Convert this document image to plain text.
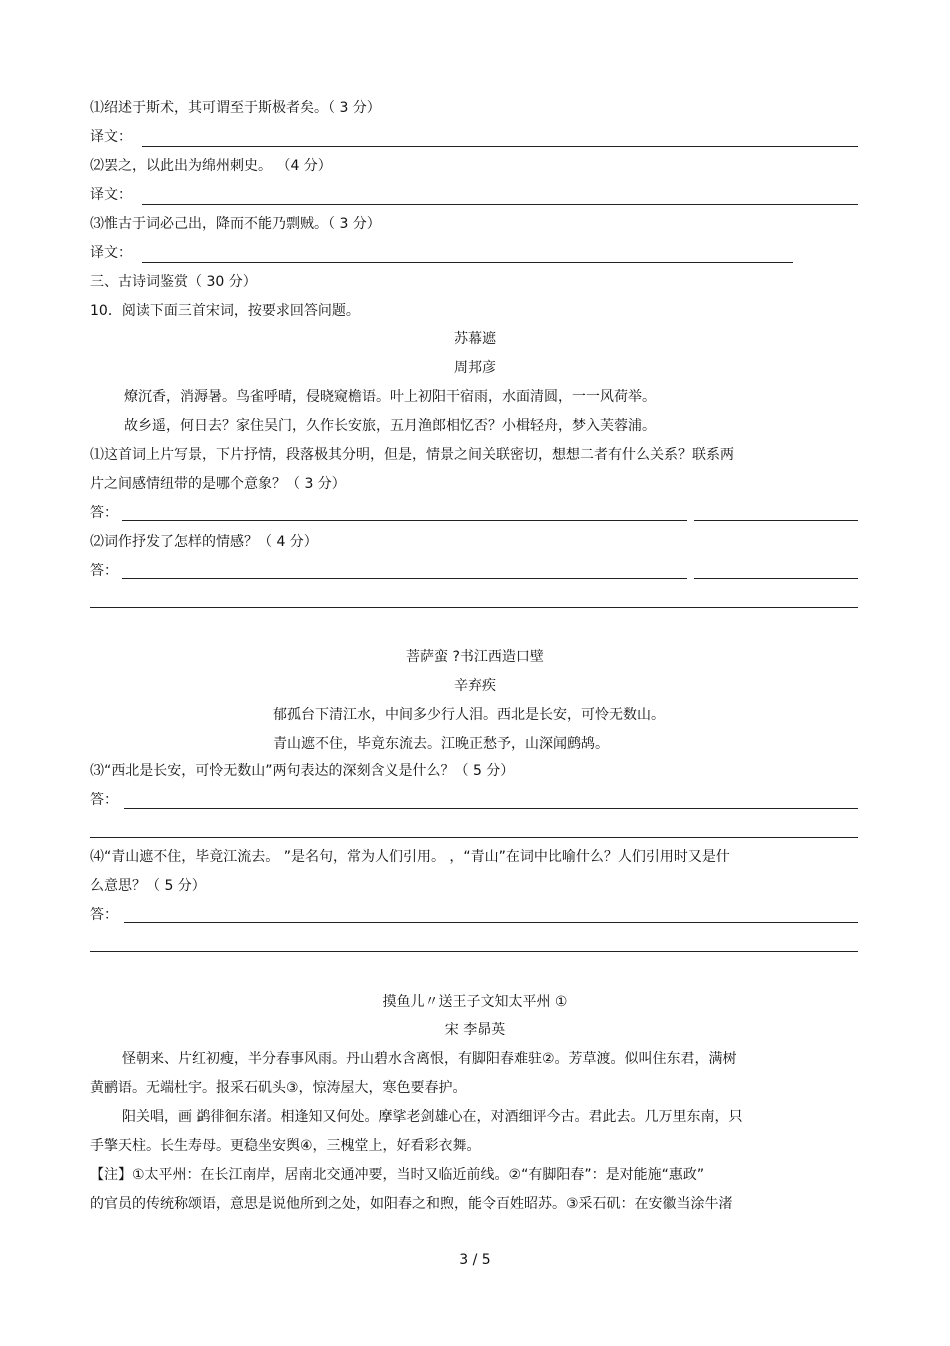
⑴绍述于斯术，其可谓至于斯极者矣。（ 3 分）
译文：
⑵罢之，以此出为绵州刺史。 （4 分）
译文：
⑶惟古于词必己出，降而不能乃剽贼。（ 3 分）
译文：
三、古诗词鉴赏（ 30 分）
10．阅读下面三首宋词，按要求回答问题。
苏幕遮
周邦彦
燎沉香，消溽暑。鸟雀呼晴，侵晓窥檐语。叶上初阳干宿雨，水面清圆，一一风荷举。
故乡遥，何日去？家住吴门，久作长安旅，五月渔郎相忆否？小楫轻舟，梦入芙蓉浦。
⑴这首词上片写景，下片抒情，段落极其分明，但是，情景之间关联密切，想想二者有什么关系？联系两
片之间感情纽带的是哪个意象？（ 3 分）
答：
⑵词作抒发了怎样的情感？（ 4 分）
答：
菩萨蛮 ?书江西造口壁
辛弃疾
郁孤台下清江水，中间多少行人泪。西北是长安，可怜无数山。
青山遮不住，毕竟东流去。江晚正愁予，山深闻鹧鸪。
⑶“西北是长安，可怜无数山”两句表达的深刻含义是什么？（ 5 分）
答：
⑷“青山遮不住，毕竟江流去。 ”是名句，常为人们引用。 ，“青山”在词中比喻什么？人们引用时又是什
么意思？（ 5 分）
答：
摸鱼儿〃送王子文知太平州 ①
宋 李昴英
怪朝来、片红初瘦，半分春事风雨。丹山碧水含离恨，有脚阳春难驻②。芳草渡。似叫住东君，满树
黄鹂语。无端杜宇。报采石矶头③，惊涛屋大，寒色要春护。
阳关唱，画 鹢徘徊东渚。相逢知又何处。摩挲老剑雄心在，对酒细评今古。君此去。几万里东南，只
手擎天柱。长生寿母。更稳坐安舆④，三槐堂上，好看彩衣舞。
【注】①太平州：在长江南岸，居南北交通冲要，当时又临近前线。②“有脚阳春”：是对能施“惠政”
的官员的传统称颂语，意思是说他所到之处，如阳春之和煦，能令百姓昭苏。③采石矶：在安徽当涂牛渚
3 / 5
